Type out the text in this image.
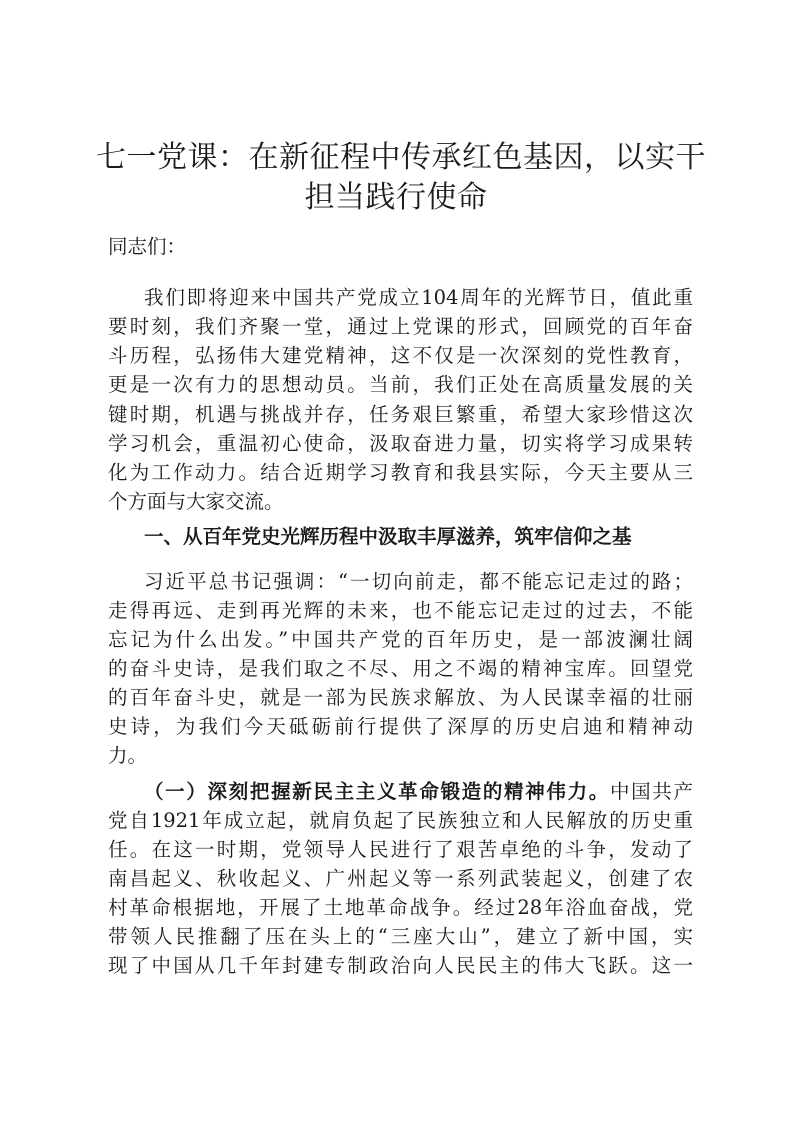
七一党课：在新征程中传承红色基因，以实干
担当践行使命

同志们：

我们即将迎来中国共产党成立104周年的光辉节日，值此重

要时刻，我们齐聚一堂，通过上党课的形式，回顾党的百年奋

斗历程，弘扬伟大建党精神，这不仅是一次深刻的党性教育，

更是一次有力的思想动员。当前，我们正处在高质量发展的关

键时期，机遇与挑战并存，任务艰巨繁重，希望大家珍惜这次

学习机会，重温初心使命，汲取奋进力量，切实将学习成果转

化为工作动力。结合近期学习教育和我县实际，今天主要从三

个方面与大家交流。

一、从百年党史光辉历程中汲取丰厚滋养，筑牢信仰之基

习近平总书记强调：“一切向前走，都不能忘记走过的路；

走得再远、走到再光辉的未来，也不能忘记走过的过去，不能

忘记为什么出发。”中国共产党的百年历史，是一部波澜壮阔

的奋斗史诗，是我们取之不尽、用之不竭的精神宝库。回望党

的百年奋斗史，就是一部为民族求解放、为人民谋幸福的壮丽

史诗，为我们今天砥砺前行提供了深厚的历史启迪和精神动

力。

（一）深刻把握新民主主义革命锻造的精神伟力。中国共产

党自1921年成立起，就肩负起了民族独立和人民解放的历史重

任。在这一时期，党领导人民进行了艰苦卓绝的斗争，发动了

南昌起义、秋收起义、广州起义等一系列武装起义，创建了农

村革命根据地，开展了土地革命战争。经过28年浴血奋战，党

带领人民推翻了压在头上的“三座大山”，建立了新中国，实

现了中国从几千年封建专制政治向人民民主的伟大飞跃。这一
